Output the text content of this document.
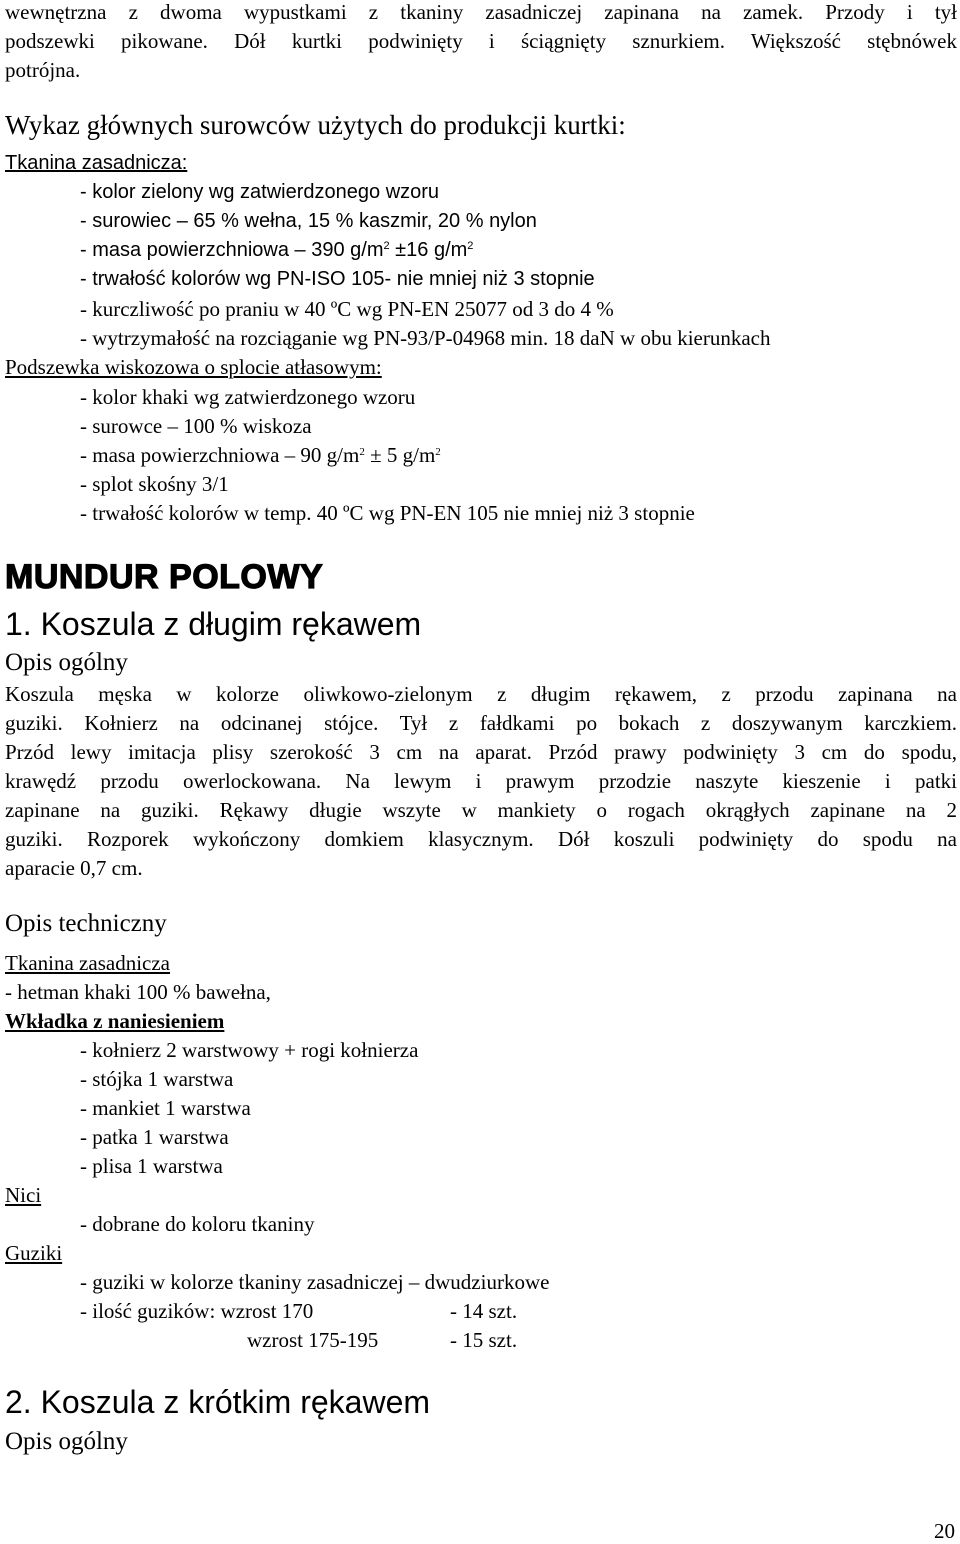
wewnętrzna z dwoma wypustkami z tkaniny zasadniczej zapinana na zamek. Przody i tył
podszewki pikowane. Dół kurtki podwinięty i ściągnięty sznurkiem. Większość stębnówek
potrójna.
Wykaz głównych surowców użytych do produkcji kurtki:
Tkanina zasadnicza:
- kolor zielony wg zatwierdzonego wzoru
- surowiec – 65 % wełna, 15 % kaszmir, 20 % nylon
- masa powierzchniowa – 390 $g/m^2 \pm 16$ $g/m^2$
- trwałość kolorów wg PN-ISO 105- nie mniej niż 3 stopnie
- kurczliwość po praniu w 40 ºC wg PN-EN 25077 od 3 do 4 %
- wytrzymałość na rozciąganie wg PN-93/P-04968 min. 18 daN w obu kierunkach
Podszewka wiskozowa o splocie atłasowym:
- kolor khaki wg zatwierdzonego wzoru
- surowce – 100 % wiskoza
- masa powierzchniowa – 90 $g/m^2 \pm 5$ $g/m^2$
- splot skośny 3/1
- trwałość kolorów w temp. 40 ºC wg PN-EN 105 nie mniej niż 3 stopnie
MUNDUR POLOWY
1. Koszula z długim rękawem
Opis ogólny
Koszula męska w kolorze oliwkowo-zielonym z długim rękawem, z przodu zapinana na
guziki. Kołnierz na odcinanej stójce. Tył z fałdkami po bokach z doszywanym karczkiem.
Przód lewy imitacja plisy szerokość 3 cm na aparat. Przód prawy podwinięty 3 cm do spodu,
krawędź przodu owerlockowana. Na lewym i prawym przodzie naszyte kieszenie i patki
zapinane na guziki. Rękawy długie wszyte w mankiety o rogach okrągłych zapinane na 2
guziki. Rozporek wykończony domkiem klasycznym. Dół koszuli podwinięty do spodu na
aparacie 0,7 cm.
Opis techniczny
Tkanina zasadnicza
- hetman khaki 100 % bawełna,
Wkładka z naniesieniem
- kołnierz 2 warstwowy + rogi kołnierza
- stójka 1 warstwa
- mankiet 1 warstwa
- patka 1 warstwa
- plisa 1 warstwa
Nici
- dobrane do koloru tkaniny
Guziki
- guziki w kolorze tkaniny zasadniczej – dwudziurkowe
- ilość guzików: wzrost 170	- 14 szt.
wzrost 175-195	- 15 szt.
2. Koszula z krótkim rękawem
Opis ogólny
20
